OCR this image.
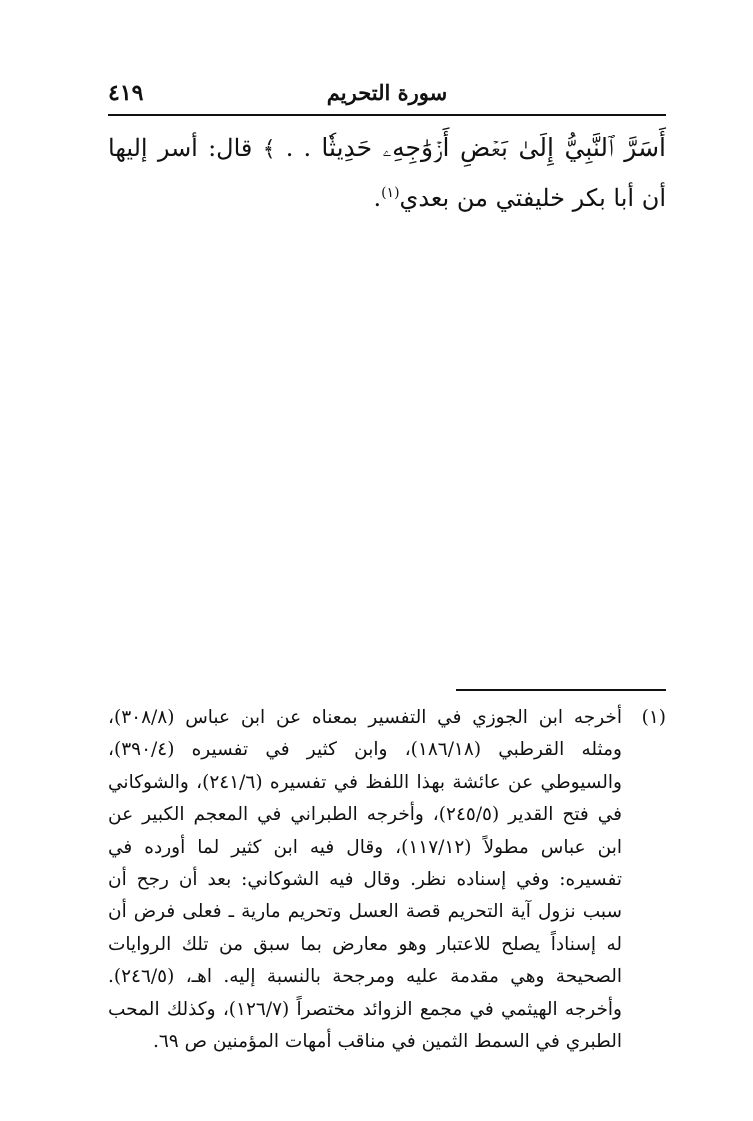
سورة التحريم
٤١٩
أَسَرَّ ٱلنَّبِيُّ إِلَىٰ بَعۡضِ أَزۡوَٰجِهِۦ حَدِيثٗا . . ﴾ قال: أسر إليها أن أبا بكر خليفتي من بعدي$^{(١)}$.
(١)
أخرجه ابن الجوزي في التفسير بمعناه عن ابن عباس (٣٠٨/٨)، ومثله القرطبي (١٨٦/١٨)، وابن كثير في تفسيره (٣٩٠/٤)، والسيوطي عن عائشة بهذا اللفظ في تفسيره (٢٤١/٦)، والشوكاني في فتح القدير (٢٤٥/٥)، وأخرجه الطبراني في المعجم الكبير عن ابن عباس مطولاً (١١٧/١٢)، وقال فيه ابن كثير لما أورده في تفسيره: وفي إسناده نظر. وقال فيه الشوكاني: بعد أن رجح أن سبب نزول آية التحريم قصة العسل وتحريم مارية ـ فعلى فرض أن له إسناداً يصلح للاعتبار وهو معارض بما سبق من تلك الروايات الصحيحة وهي مقدمة عليه ومرجحة بالنسبة إليه. اهـ، (٢٤٦/٥). وأخرجه الهيثمي في مجمع الزوائد مختصراً (١٢٦/٧)، وكذلك المحب الطبري في السمط الثمين في مناقب أمهات المؤمنين ص ٦٩.
